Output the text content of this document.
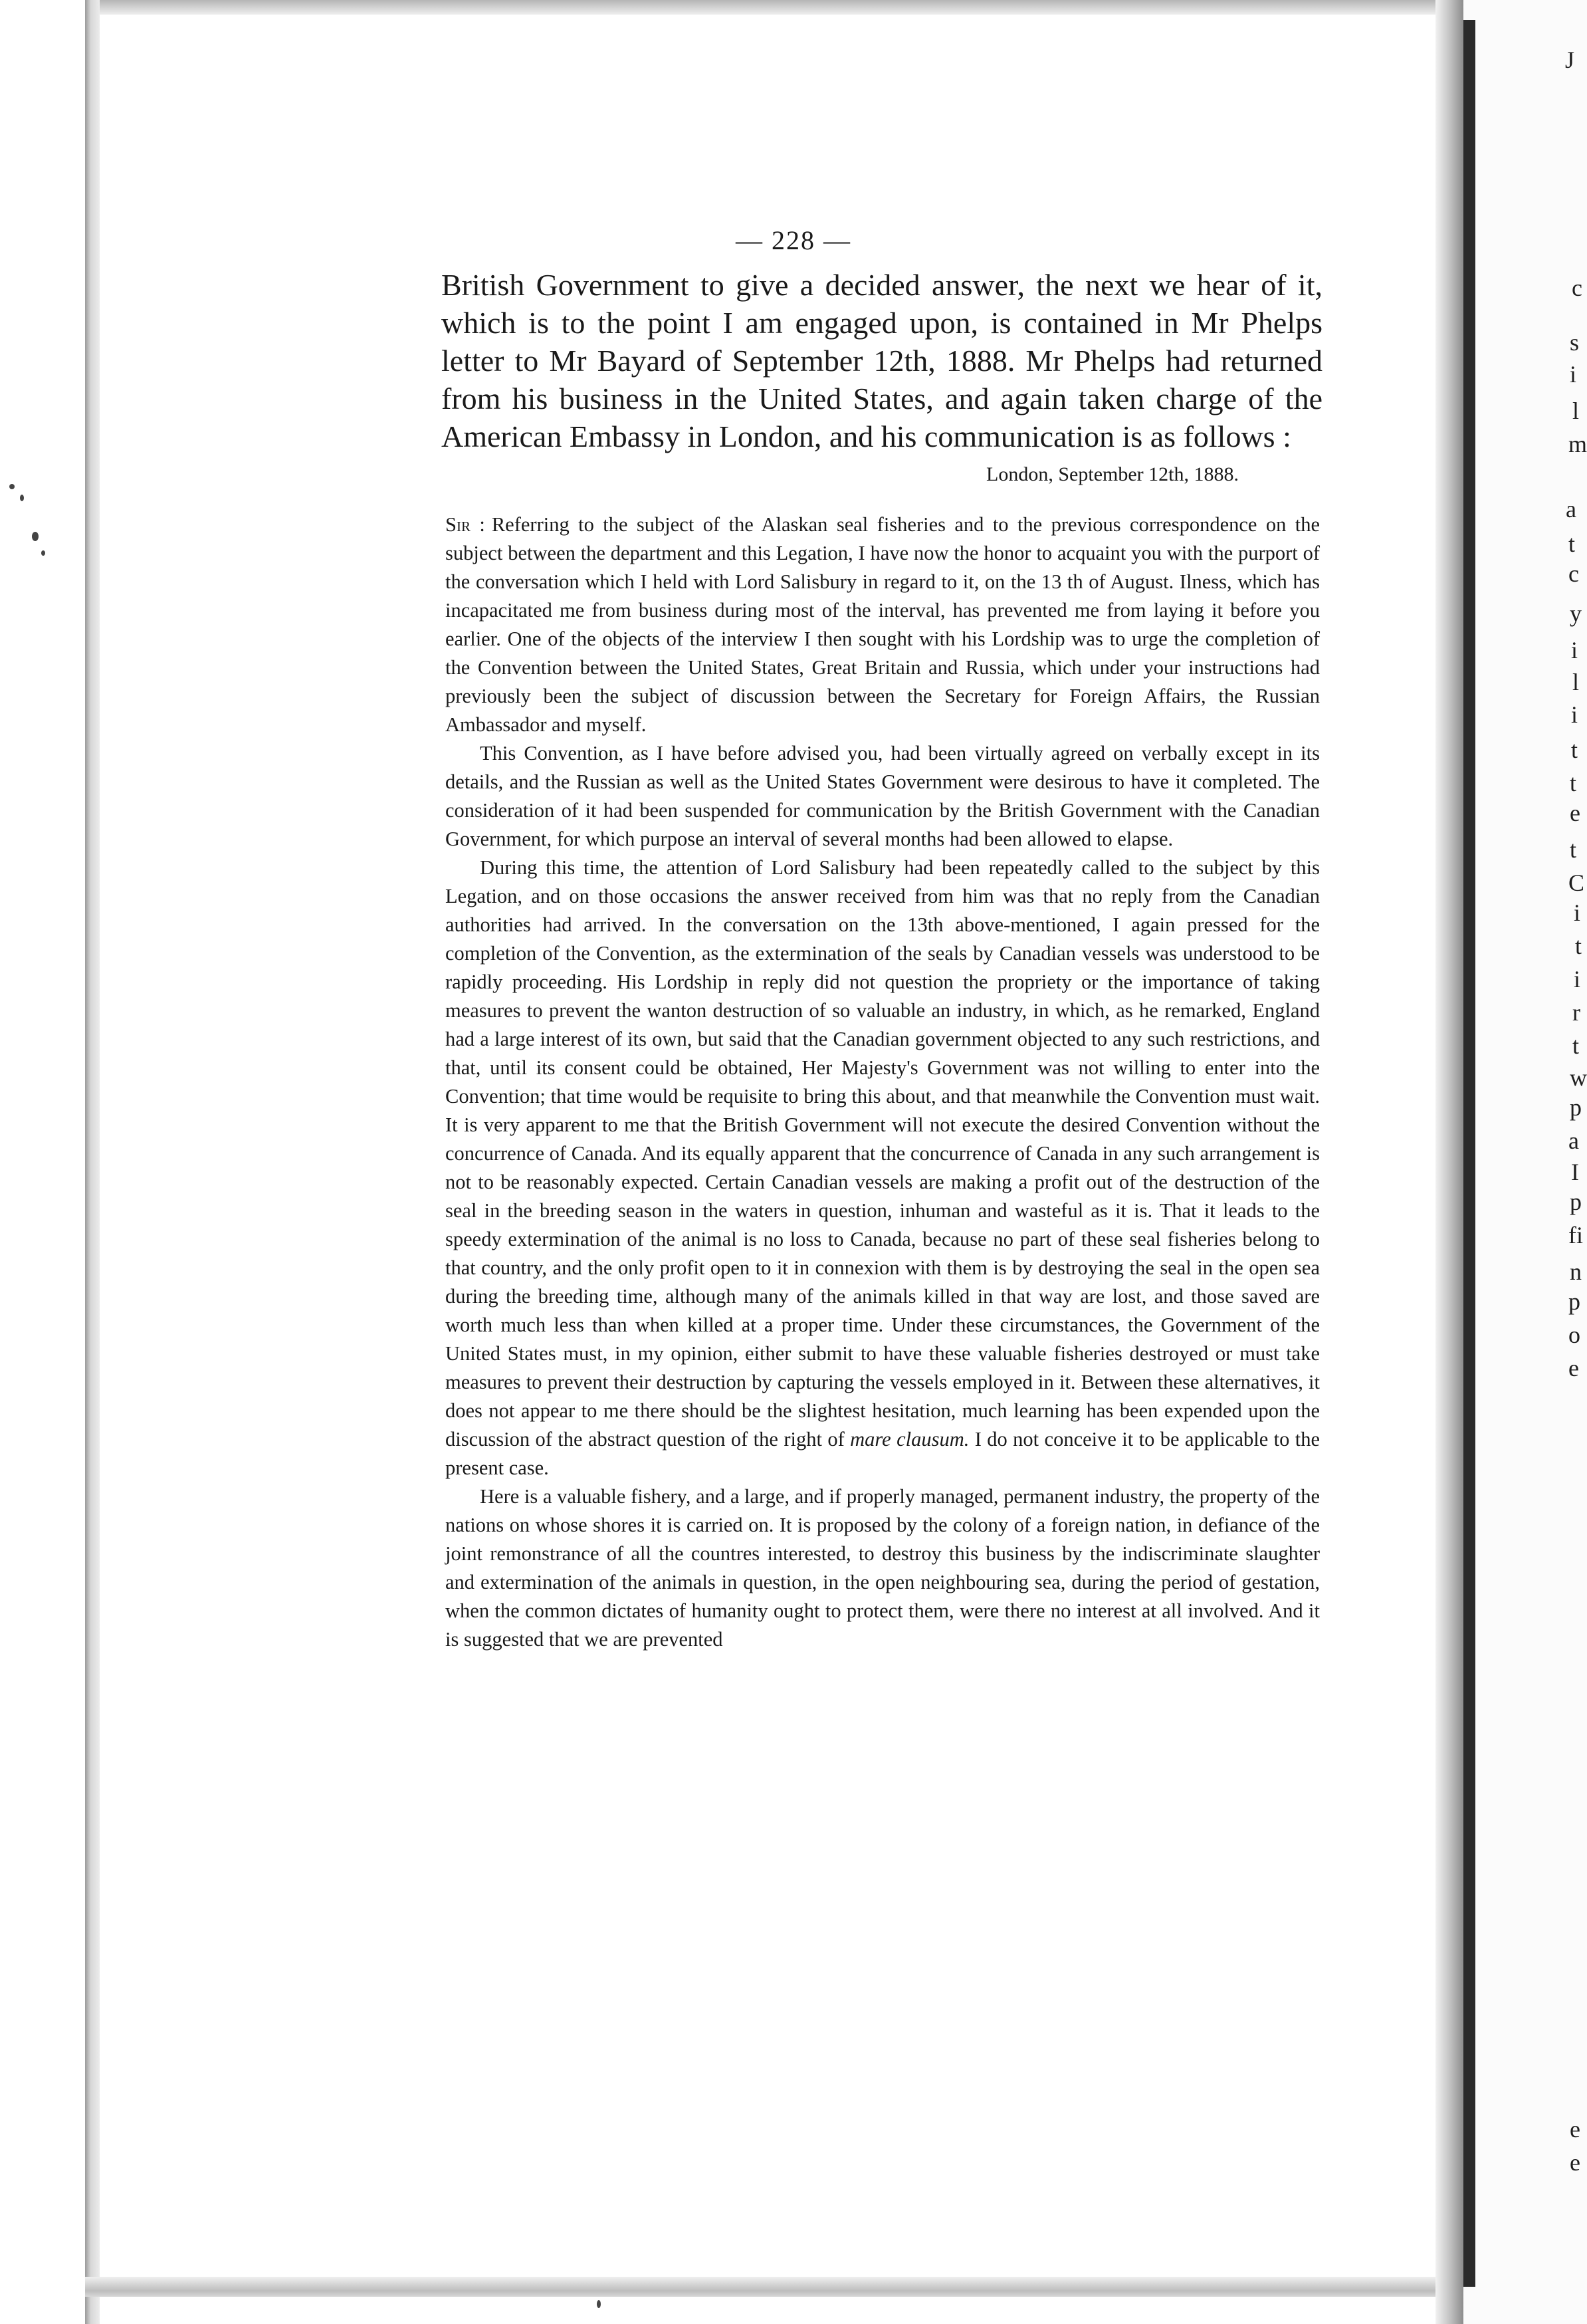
— 228 —

British Government to give a decided answer, the next we hear of it, which is to the point I am engaged upon, is contained in Mr Phelps letter to Mr Bayard of September 12th, 1888. Mr Phelps had returned from his business in the United States, and again taken charge of the American Embassy in London, and his communication is as follows :

London, September 12th, 1888.

Sir : Referring to the subject of the Alaskan seal fisheries and to the previous correspondence on the subject between the department and this Legation, I have now the honor to acquaint you with the purport of the conversation which I held with Lord Salisbury in regard to it, on the 13 th of August. Ilness, which has incapacitated me from business during most of the interval, has prevented me from laying it before you earlier. One of the objects of the interview I then sought with his Lordship was to urge the completion of the Convention between the United States, Great Britain and Russia, which under your instructions had previously been the subject of discussion between the Secretary for Foreign Affairs, the Russian Ambassador and myself.

This Convention, as I have before advised you, had been virtually agreed on verbally except in its details, and the Russian as well as the United States Government were desirous to have it completed. The consideration of it had been suspended for communication by the British Government with the Canadian Government, for which purpose an interval of several months had been allowed to elapse.

During this time, the attention of Lord Salisbury had been repeatedly called to the subject by this Legation, and on those occasions the answer received from him was that no reply from the Canadian authorities had arrived. In the conversation on the 13th above-mentioned, I again pressed for the completion of the Convention, as the extermination of the seals by Canadian vessels was understood to be rapidly proceeding. His Lordship in reply did not question the propriety or the importance of taking measures to prevent the wanton destruction of so valuable an industry, in which, as he remarked, England had a large interest of its own, but said that the Canadian government objected to any such restrictions, and that, until its consent could be obtained, Her Majesty's Government was not willing to enter into the Convention; that time would be requisite to bring this about, and that meanwhile the Convention must wait. It is very apparent to me that the British Government will not execute the desired Convention without the concurrence of Canada. And its equally apparent that the concurrence of Canada in any such arrangement is not to be reasonably expected. Certain Canadian vessels are making a profit out of the destruction of the seal in the breeding season in the waters in question, inhuman and wasteful as it is. That it leads to the speedy extermination of the animal is no loss to Canada, because no part of these seal fisheries belong to that country, and the only profit open to it in connexion with them is by destroying the seal in the open sea during the breeding time, although many of the animals killed in that way are lost, and those saved are worth much less than when killed at a proper time. Under these circumstances, the Government of the United States must, in my opinion, either submit to have these valuable fisheries destroyed or must take measures to prevent their destruction by capturing the vessels employed in it. Between these alternatives, it does not appear to me there should be the slightest hesitation, much learning has been expended upon the discussion of the abstract question of the right of mare clausum. I do not conceive it to be applicable to the present case.

Here is a valuable fishery, and a large, and if properly managed, permanent industry, the property of the nations on whose shores it is carried on. It is proposed by the colony of a foreign nation, in defiance of the joint remonstrance of all the countres interested, to destroy this business by the indiscriminate slaughter and extermination of the animals in question, in the open neighbouring sea, during the period of gestation, when the common dictates of humanity ought to protect them, were there no interest at all involved. And it is suggested that we are prevented

J
c
s
i
l
m
a
t
c
y
i
l
i
t
t
e
t
C
i
t
i
r
t
w
p
a
I
p
fi
n
p
o
e
e
e
